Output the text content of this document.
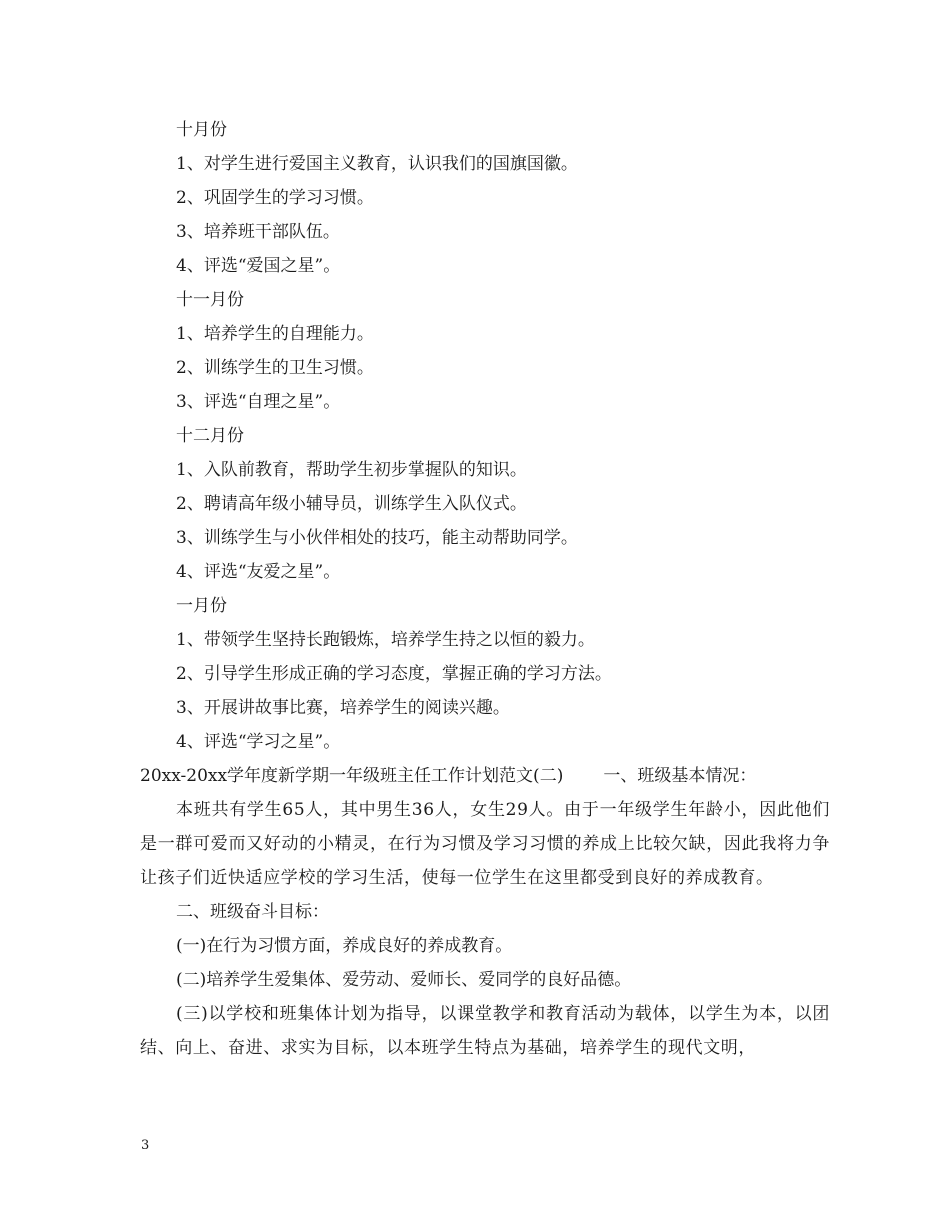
十月份
1、对学生进行爱国主义教育，认识我们的国旗国徽。
2、巩固学生的学习习惯。
3、培养班干部队伍。
4、评选“爱国之星”。
十一月份
1、培养学生的自理能力。
2、训练学生的卫生习惯。
3、评选“自理之星”。
十二月份
1、入队前教育，帮助学生初步掌握队的知识。
2、聘请高年级小辅导员，训练学生入队仪式。
3、训练学生与小伙伴相处的技巧，能主动帮助同学。
4、评选“友爱之星”。
一月份
1、带领学生坚持长跑锻炼，培养学生持之以恒的毅力。
2、引导学生形成正确的学习态度，掌握正确的学习方法。
3、开展讲故事比赛，培养学生的阅读兴趣。
4、评选“学习之星”。
20xx-20xx学年度新学期一年级班主任工作计划范文(二) 一、班级基本情况：

本班共有学生65人，其中男生36人，女生29人。由于一年级学生年龄小，因此他们是一群可爱而又好动的小精灵，在行为习惯及学习习惯的养成上比较欠缺，因此我将力争让孩子们近快适应学校的学习生活，使每一位学生在这里都受到良好的养成教育。

二、班级奋斗目标：
(一)在行为习惯方面，养成良好的养成教育。
(二)培养学生爱集体、爱劳动、爱师长、爱同学的良好品德。

(三)以学校和班集体计划为指导，以课堂教学和教育活动为载体，以学生为本，以团结、向上、奋进、求实为目标，以本班学生特点为基础，培养学生的现代文明，

3
